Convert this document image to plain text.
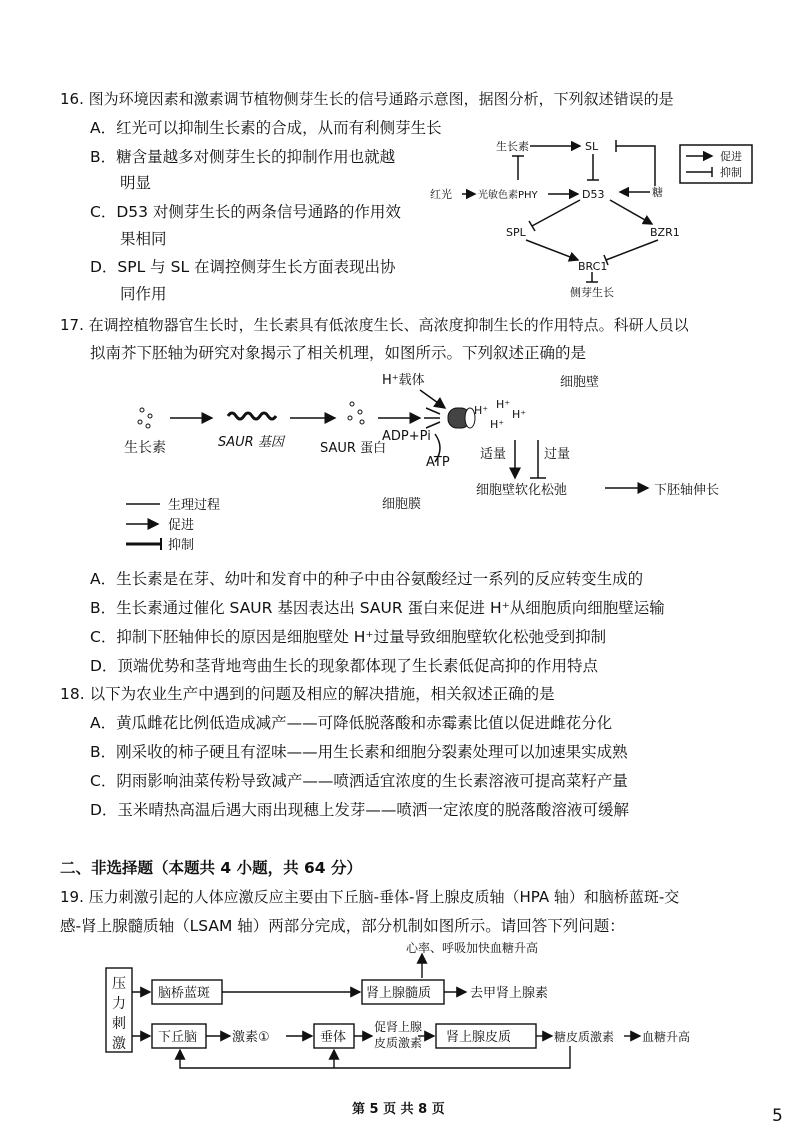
16. 图为环境因素和激素调节植物侧芽生长的信号通路示意图，据图分析，下列叙述错误的是
A．红光可以抑制生长素的合成，从而有利侧芽生长
B．糖含量越多对侧芽生长的抑制作用也就越
明显
C．D53 对侧芽生长的两条信号通路的作用效
果相同
D．SPL 与 SL 在调控侧芽生长方面表现出协
同作用
生长素	SL
红光	光敏色素PHY	D53	糖
SPL	BZR1
BRC1
侧芽生长
促进
抑制
17. 在调控植物器官生长时，生长素具有低浓度生长、高浓度抑制生长的作用特点。科研人员以
拟南芥下胚轴为研究对象揭示了相关机理，如图所示。下列叙述正确的是
H⁺载体	细胞壁
H⁺ H⁺
H⁺
H⁺
生长素	SAUR 基因	SAUR 蛋白
ADP+Pi
ATP
适量	过量
细胞壁软化松弛	下胚轴伸长
细胞膜
生理过程
促进
抑制
A．生长素是在芽、幼叶和发育中的种子中由谷氨酸经过一系列的反应转变生成的
B．生长素通过催化 SAUR 基因表达出 SAUR 蛋白来促进 H⁺从细胞质向细胞壁运输
C．抑制下胚轴伸长的原因是细胞壁处 H⁺过量导致细胞壁软化松弛受到抑制
D．顶端优势和茎背地弯曲生长的现象都体现了生长素低促高抑的作用特点
18. 以下为农业生产中遇到的问题及相应的解决措施，相关叙述正确的是
A．黄瓜雌花比例低造成减产——可降低脱落酸和赤霉素比值以促进雌花分化
B．刚采收的柿子硬且有涩味——用生长素和细胞分裂素处理可以加速果实成熟
C．阴雨影响油菜传粉导致减产——喷洒适宜浓度的生长素溶液可提高菜籽产量
D．玉米晴热高温后遇大雨出现穗上发芽——喷洒一定浓度的脱落酸溶液可缓解
二、非选择题（本题共 4 小题，共 64 分）
19. 压力刺激引起的人体应激反应主要由下丘脑-垂体-肾上腺皮质轴（HPA 轴）和脑桥蓝斑-交
感-肾上腺髓质轴（LSAM 轴）两部分完成，部分机制如图所示。请回答下列问题：
压
力
刺
激
脑桥蓝斑	肾上腺髓质	去甲肾上腺素
心率、呼吸加快血糖升高
下丘脑	激素①	垂体
促肾上腺
皮质激素 肾上腺皮质	糖皮质激素 血糖升高
第 5 页 共 8 页	5
